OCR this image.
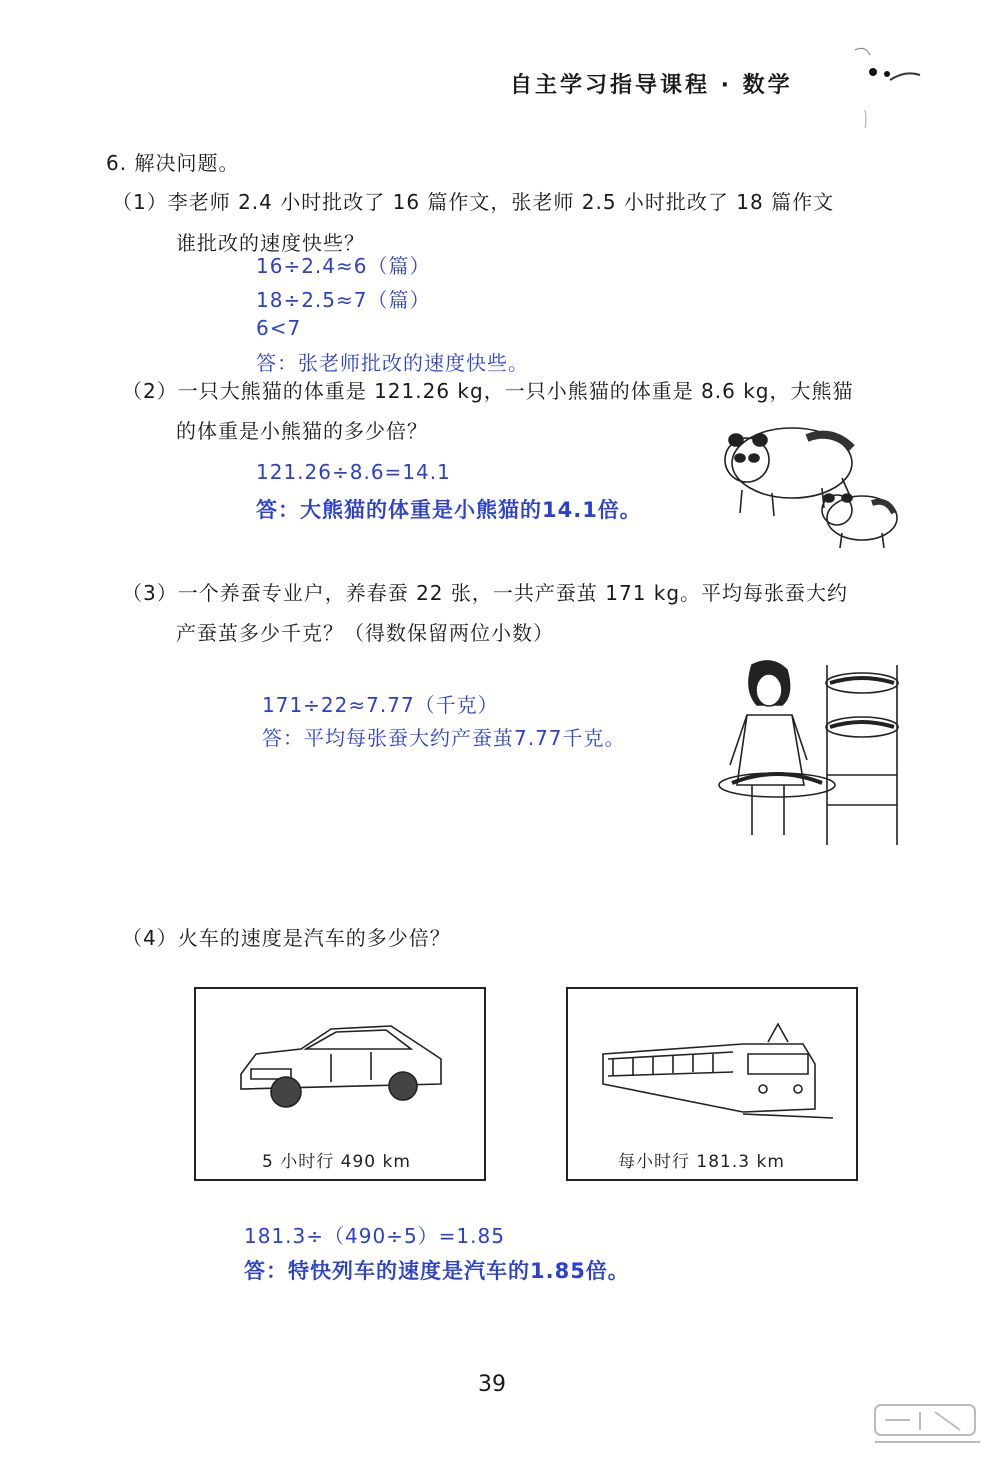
自主学习指导课程 · 数学
6. 解决问题。
（1）李老师 2.4 小时批改了 16 篇作文，张老师 2.5 小时批改了 18 篇作文
谁批改的速度快些？
16÷2.4≈6（篇）
18÷2.5≈7（篇）
6<7
答：张老师批改的速度快些。
（2）一只大熊猫的体重是 121.26 kg，一只小熊猫的体重是 8.6 kg，大熊猫
的体重是小熊猫的多少倍？
121.26÷8.6=14.1
答：大熊猫的体重是小熊猫的14.1倍。
（3）一个养蚕专业户，养春蚕 22 张，一共产蚕茧 171 kg。平均每张蚕大约
产蚕茧多少千克？（得数保留两位小数）
171÷22≈7.77（千克）
答：平均每张蚕大约产蚕茧7.77千克。
（4）火车的速度是汽车的多少倍？
5 小时行 490 km	每小时行 181.3 km
181.3÷（490÷5）=1.85
答：特快列车的速度是汽车的1.85倍。
39
